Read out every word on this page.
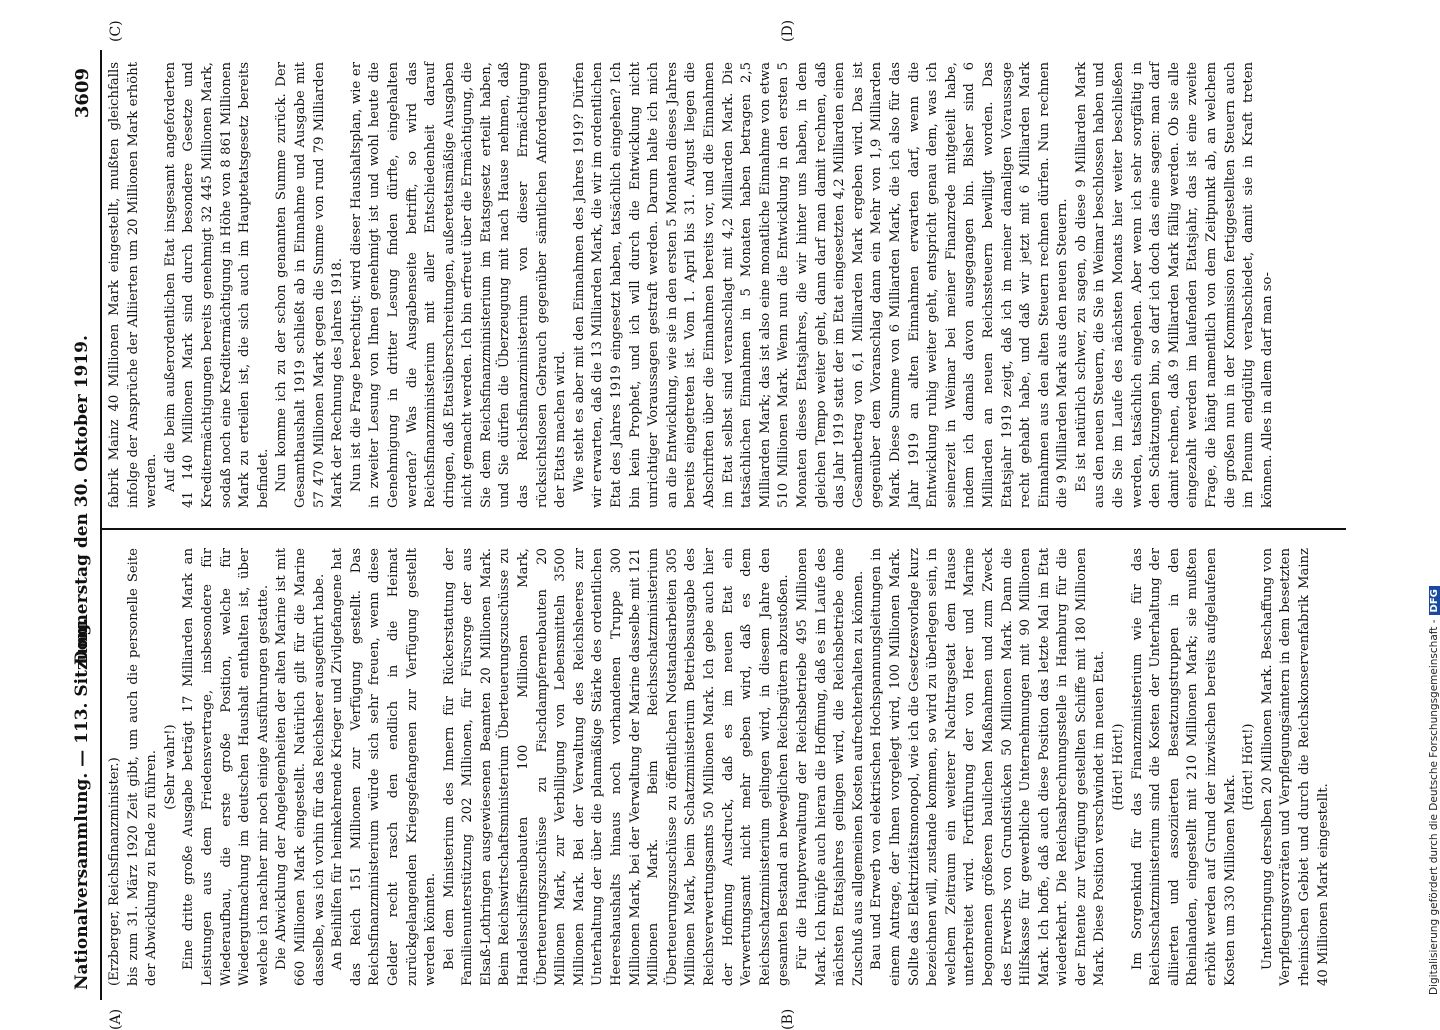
Nationalversammlung. — 113. Sitzung.
Donnerstag den 30. Oktober 1919.
3609
(A)	(B)
(C)	(D)

(Erzberger, Reichsfinanzminister.) bis zum 31. März 1920 Zeit gibt, um auch die personelle Seite der Abwicklung zu Ende zu führen. (Sehr wahr!) Eine dritte große Ausgabe beträgt 17 Milliarden Mark an Leistungen aus dem Friedensvertrage, insbesondere für Wiederaufbau, die erste große Position, welche für Wiedergutmachung im deutschen Haushalt enthalten ist, über welche ich nachher mir noch einige Ausführungen gestatte. Die Abwicklung der Angelegenheiten der alten Marine ist mit 660 Millionen Mark eingestellt. Natürlich gilt für die Marine dasselbe, was ich vorhin für das Reichsheer ausgeführt habe. An Beihilfen für heimkehrende Krieger und Zivilgefangene hat das Reich 151 Millionen zur Verfügung gestellt. Das Reichsfinanzministerium würde sich sehr freuen, wenn diese Gelder recht rasch den endlich in die Heimat zurückgelangenden Kriegsgefangenen zur Verfügung gestellt werden könnten. Bei dem Ministerium des Innern für Rückerstattung der Familienunterstützung 202 Millionen, für Fürsorge der aus Elsaß-Lothringen ausgewiesenen Beamten 20 Millionen Mark. Beim Reichswirtschaftsministerium Überteuerungszuschüsse zu Handelsschiffsneubauten 100 Millionen Mark, Überteuerungszuschüsse zu Fischdampferneubauten 20 Millionen Mark, zur Verbilligung von Lebensmitteln 3500 Millionen Mark. Bei der Verwaltung des Reichsheeres zur Unterhaltung der über die planmäßige Stärke des ordentlichen Heereshaushalts hinaus noch vorhandenen Truppe 300 Millionen Mark, bei der Verwaltung der Marine dasselbe mit 121 Millionen Mark. Beim Reichsschatzministerium Überteuerungszuschüsse zu öffentlichen Notstandsarbeiten 305 Millionen Mark, beim Schatzministerium Betriebsausgabe des Reichsverwertungsamts 50 Millionen Mark. Ich gebe auch hier der Hoffnung Ausdruck, daß es im neuen Etat ein Verwertungsamt nicht mehr geben wird, daß es dem Reichsschatzministerium gelingen wird, in diesem Jahre den gesamten Bestand an beweglichen Reichsgütern abzustoßen. Für die Hauptverwaltung der Reichsbetriebe 495 Millionen Mark. Ich knüpfe auch hieran die Hoffnung, daß es im Laufe des nächsten Etatsjahres gelingen wird, die Reichsbetriebe ohne Zuschuß aus allgemeinen Kosten aufrechterhalten zu können. Bau und Erwerb von elektrischen Hochspannungsleitungen in einem Antrage, der Ihnen vorgelegt wird, 100 Millionen Mark. Sollte das Elektrizitätsmonopol, wie ich die Gesetzesvorlage kurz bezeichnen will, zustande kommen, so wird zu überlegen sein, in welchem Zeitraum ein weiterer Nachtragsetat dem Hause unterbreitet wird. Fortführung der von Heer und Marine begonnenen größeren baulichen Maßnahmen und zum Zweck des Erwerbs von Grundstücken 50 Millionen Mark. Dann die Hilfskasse für gewerbliche Unternehmungen mit 90 Millionen Mark. Ich hoffe, daß auch diese Position das letzte Mal im Etat wiederkehrt. Die Reichsabrechnungsstelle in Hamburg für die der Entente zur Verfügung gestellten Schiffe mit 180 Millionen Mark. Diese Position verschwindet im neuen Etat. (Hört! Hört!) Im Sorgenkind für das Finanzministerium wie für das Reichsschatzministerium sind die Kosten der Unterhaltung der alliierten und assoziierten Besatzungstruppen in den Rheinlanden, eingestellt mit 210 Millionen Mark; sie mußten erhöht werden auf Grund der inzwischen bereits aufgelaufenen Kosten um 330 Millionen Mark.

(Hört! Hört!) Unterbringung derselben 20 Millionen Mark. Beschaffung von Verpflegungsvorräten und Verpflegungsämtern in dem besetzten rheinischen Gebiet und durch die Reichskonservenfabrik Mainz 40 Millionen Mark eingestellt.

fabrik Mainz 40 Millionen Mark eingestellt, mußten gleichfalls infolge der Ansprüche der Alliierten um 20 Millionen Mark erhöht werden. Auf die beim außerordentlichen Etat insgesamt angeforderten 41 140 Millionen Mark sind durch besondere Gesetze und Kreditermächtigungen bereits genehmigt 32 445 Millionen Mark, sodaß noch eine Kreditermächtigung in Höhe von 8 861 Millionen Mark zu erteilen ist, die sich auch im Hauptetatsgesetz bereits befindet. Nun komme ich zu der schon genannten Summe zurück. Der Gesamthaushalt 1919 schließt ab in Einnahme und Ausgabe mit 57 470 Millionen Mark gegen die Summe von rund 79 Milliarden Mark der Rechnung des Jahres 1918. Nun ist die Frage berechtigt: wird dieser Haushaltsplan, wie er in zweiter Lesung von Ihnen genehmigt ist und wohl heute die Genehmigung in dritter Lesung finden dürfte, eingehalten werden? Was die Ausgabenseite betrifft, so wird das Reichsfinanzministerium mit aller Entschiedenheit darauf dringen, daß Etatsüberschreitungen, außeretatsmäßige Ausgaben nicht gemacht werden. Ich bin erfreut über die Ermächtigung, die Sie dem Reichsfinanzministerium im Etatsgesetz erteilt haben, und Sie dürfen die Überzeugung mit nach Hause nehmen, daß das Reichsfinanzministerium von dieser Ermächtigung rücksichtslosen Gebrauch gegenüber sämtlichen Anforderungen der Etats machen wird. Wie steht es aber mit den Einnahmen des Jahres 1919? Dürfen wir erwarten, daß die 13 Milliarden Mark, die wir im ordentlichen Etat des Jahres 1919 eingesetzt haben, tatsächlich eingehen? Ich bin kein Prophet, und ich will durch die Entwicklung nicht unrichtiger Voraussagen gestraft werden. Darum halte ich mich an die Entwicklung, wie sie in den ersten 5 Monaten dieses Jahres bereits eingetreten ist. Vom 1. April bis 31. August liegen die Abschriften über die Einnahmen bereits vor, und die Einnahmen im Etat selbst sind veranschlagt mit 4,2 Milliarden Mark. Die tatsächlichen Einnahmen in 5 Monaten haben betragen 2,5 Milliarden Mark; das ist also eine monatliche Einnahme von etwa 510 Millionen Mark. Wenn nun die Entwicklung in den ersten 5 Monaten dieses Etatsjahres, die wir hinter uns haben, in dem gleichen Tempo weiter geht, dann darf man damit rechnen, daß das Jahr 1919 statt der im Etat eingesetzten 4,2 Milliarden einen Gesamtbetrag von 6,1 Milliarden Mark ergeben wird. Das ist gegenüber dem Voranschlag dann ein Mehr von 1,9 Milliarden Mark. Diese Summe von 6 Milliarden Mark, die ich also für das Jahr 1919 an alten Einnahmen erwarten darf, wenn die Entwicklung ruhig weiter geht, entspricht genau dem, was ich seinerzeit in Weimar bei meiner Finanzrede mitgeteilt habe, indem ich damals davon ausgegangen bin. Bisher sind 6 Milliarden an neuen Reichssteuern bewilligt worden. Das Etatsjahr 1919 zeigt, daß ich in meiner damaligen Voraussage recht gehabt habe, und daß wir jetzt mit 6 Milliarden Mark Einnahmen aus den alten Steuern rechnen dürfen. Nun rechnen die 9 Milliarden Mark aus den neuen Steuern. Es ist natürlich schwer, zu sagen, ob diese 9 Milliarden Mark aus den neuen Steuern, die Sie in Weimar beschlossen haben und die Sie im Laufe des nächsten Monats hier weiter beschließen werden, tatsächlich eingehen. Aber wenn ich sehr sorgfältig in den Schätzungen bin, so darf ich doch das eine sagen: man darf damit rechnen, daß 9 Milliarden Mark fällig werden. Ob sie alle eingezahlt werden im laufenden Etatsjahr, das ist eine zweite Frage, die hängt namentlich von dem Zeitpunkt ab, an welchem die großen nun in der Kommission fertiggestellten Steuern auch im Plenum endgültig verabschiedet, damit sie in Kraft treten können. Alles in allem darf man so-

Digitalisierung gefördert durch die Deutsche Forschungsgemeinschaft -DFG
